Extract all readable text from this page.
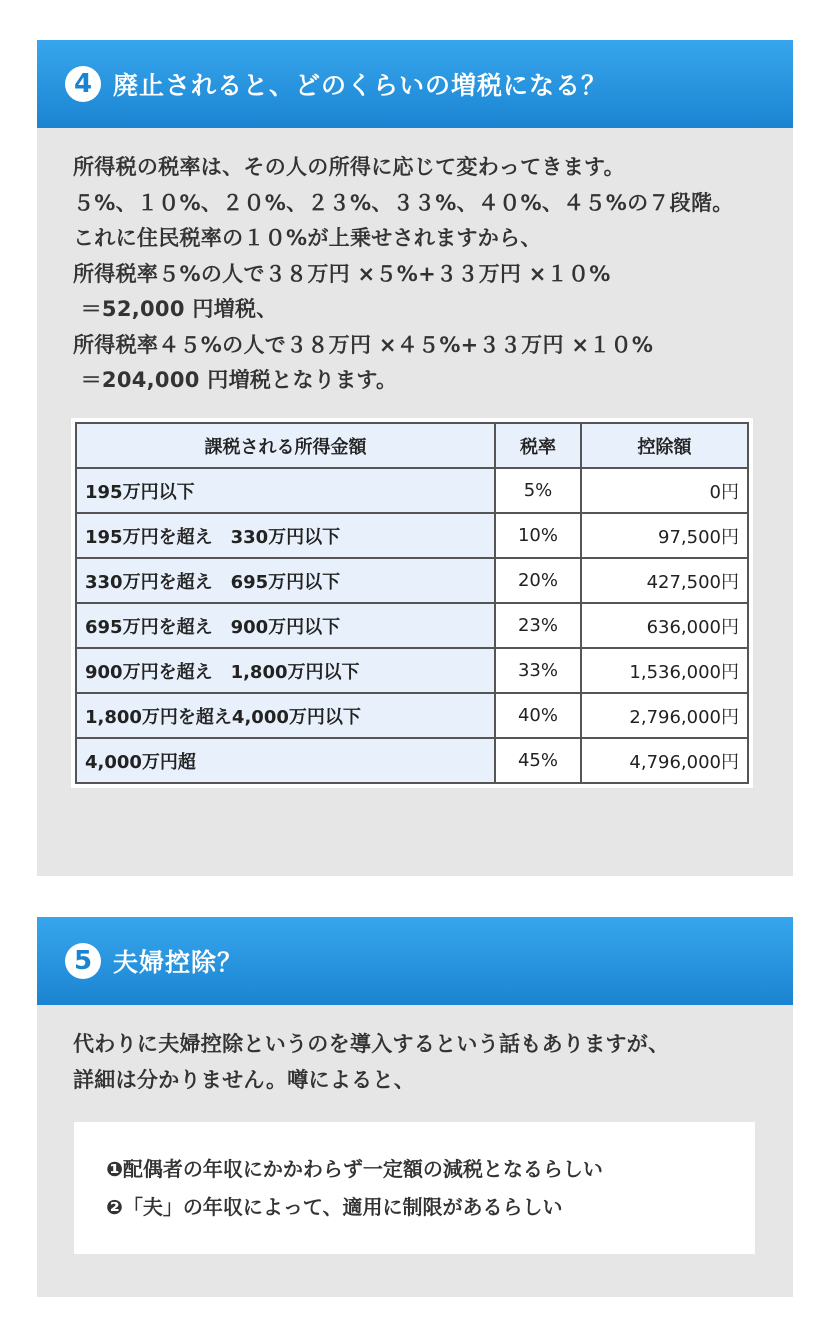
4 廃止されると、どのくらいの増税になる？
所得税の税率は、その人の所得に応じて変わってきます。
５%、１０%、２０%、２３%、３３%、４０%、４５%の７段階。
これに住民税率の１０%が上乗せされますから、
所得税率５%の人で３８万円 ×５%+３３万円 ×１０%
＝52,000 円増税、
所得税率４５%の人で３８万円 ×４５%+３３万円 ×１０%
＝204,000 円増税となります。
課税される所得金額	税率	控除額
195万円以下	5%	0円
195万円を超え　330万円以下	10%	97,500円
330万円を超え　695万円以下	20%	427,500円
695万円を超え　900万円以下	23%	636,000円
900万円を超え　1,800万円以下	33%	1,536,000円
1,800万円を超え4,000万円以下	40%	2,796,000円
4,000万円超	45%	4,796,000円
5 夫婦控除？
代わりに夫婦控除というのを導入するという話もありますが、
詳細は分かりません。噂によると、
❶配偶者の年収にかかわらず一定額の減税となるらしい
❷「夫」の年収によって、適用に制限があるらしい
